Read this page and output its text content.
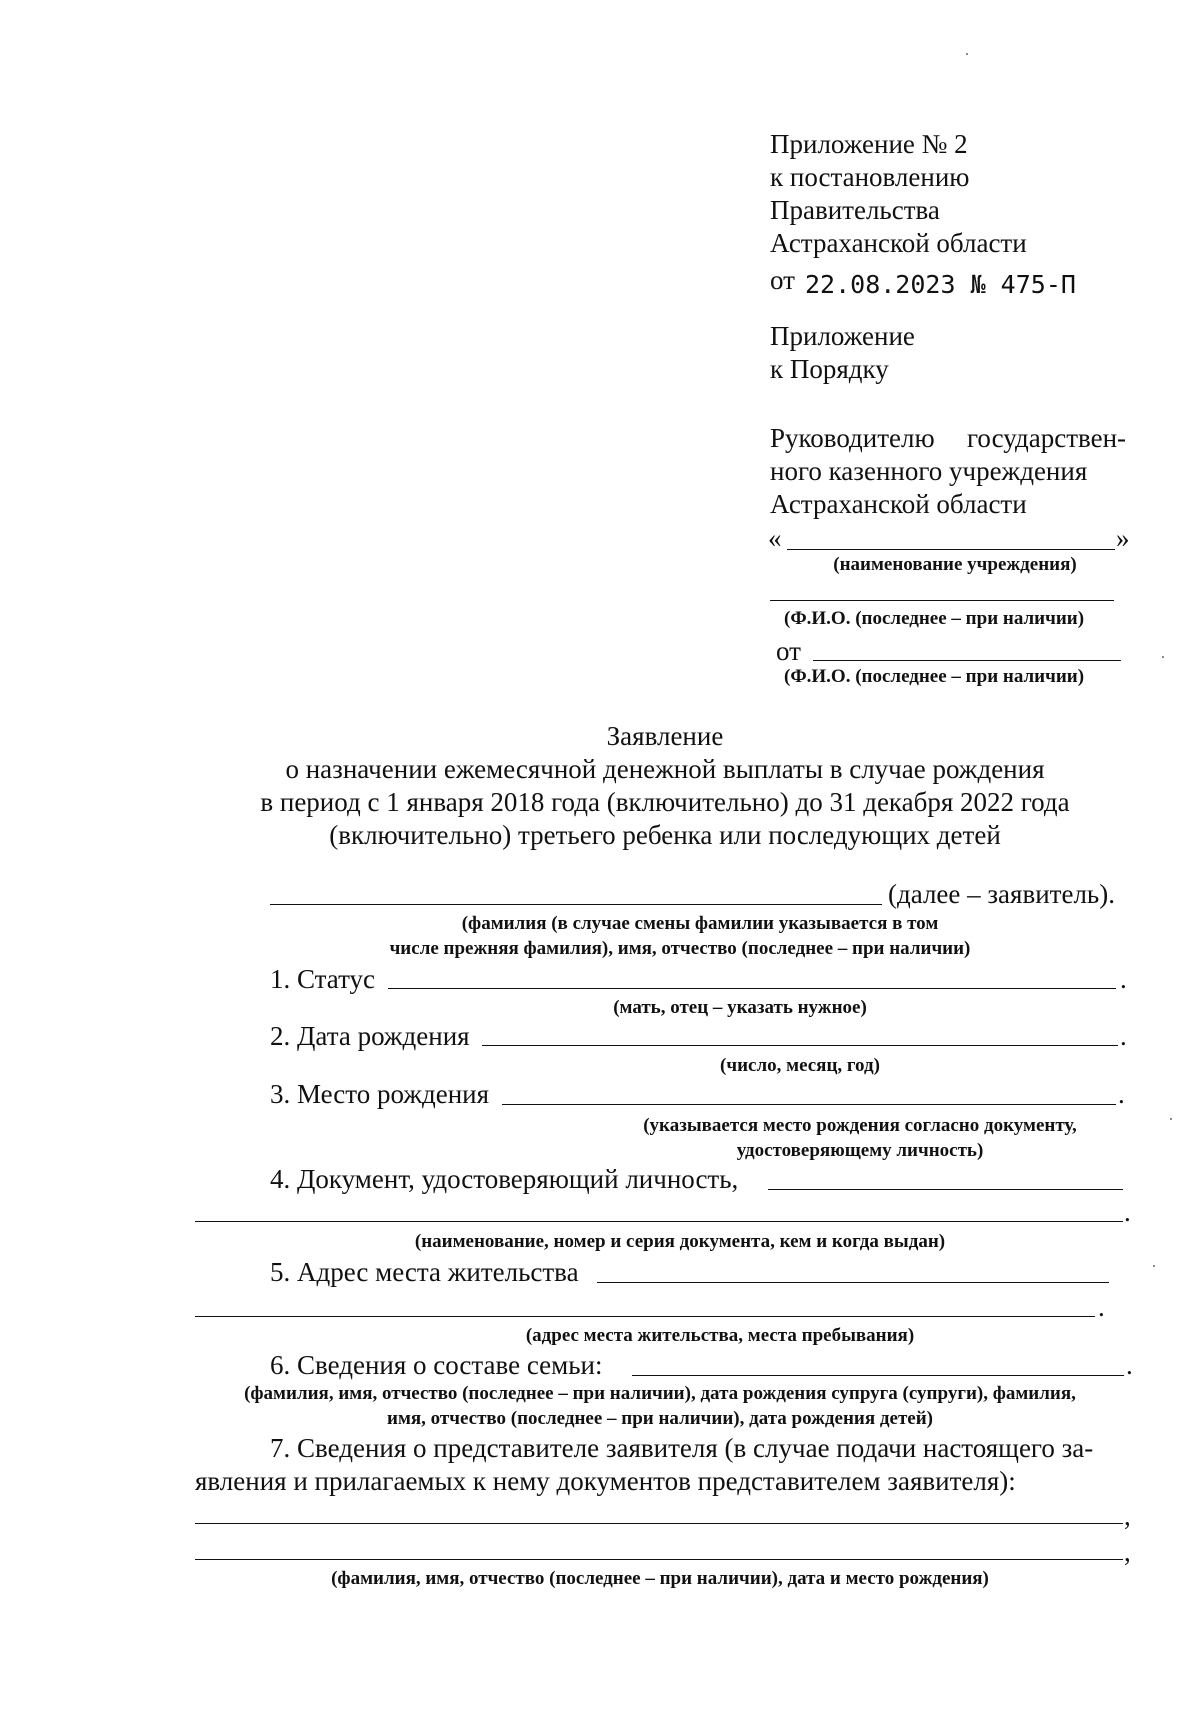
Приложение № 2
к постановлению
Правительства
Астраханской области
от 22.08.2023 № 475-П
Приложение
к Порядку
Руководителю государствен-
ного казенного учреждения
Астраханской области
«	»
(наименование учреждения)
(Ф.И.О. (последнее – при наличии)
от
(Ф.И.О. (последнее – при наличии)
Заявление
о назначении ежемесячной денежной выплаты в случае рождения
в период с 1 января 2018 года (включительно) до 31 декабря 2022 года
(включительно) третьего ребенка или последующих детей
(далее – заявитель).
(фамилия (в случае смены фамилии указывается в том
числе прежняя фамилия), имя, отчество (последнее – при наличии)
1. Статус	.
(мать, отец – указать нужное)
2. Дата рождения	.
(число, месяц, год)
3. Место рождения	.
(указывается место рождения согласно документу,
удостоверяющему личность)
4. Документ, удостоверяющий личность,
.
(наименование, номер и серия документа, кем и когда выдан)
5. Адрес места жительства
.
(адрес места жительства, места пребывания)
6. Сведения о составе семьи:	.
(фамилия, имя, отчество (последнее – при наличии), дата рождения супруга (супруги), фамилия,
имя, отчество (последнее – при наличии), дата рождения детей)
7. Сведения о представителе заявителя (в случае подачи настоящего за-
явления и прилагаемых к нему документов представителем заявителя):
,
,
(фамилия, имя, отчество (последнее – при наличии), дата и место рождения)
